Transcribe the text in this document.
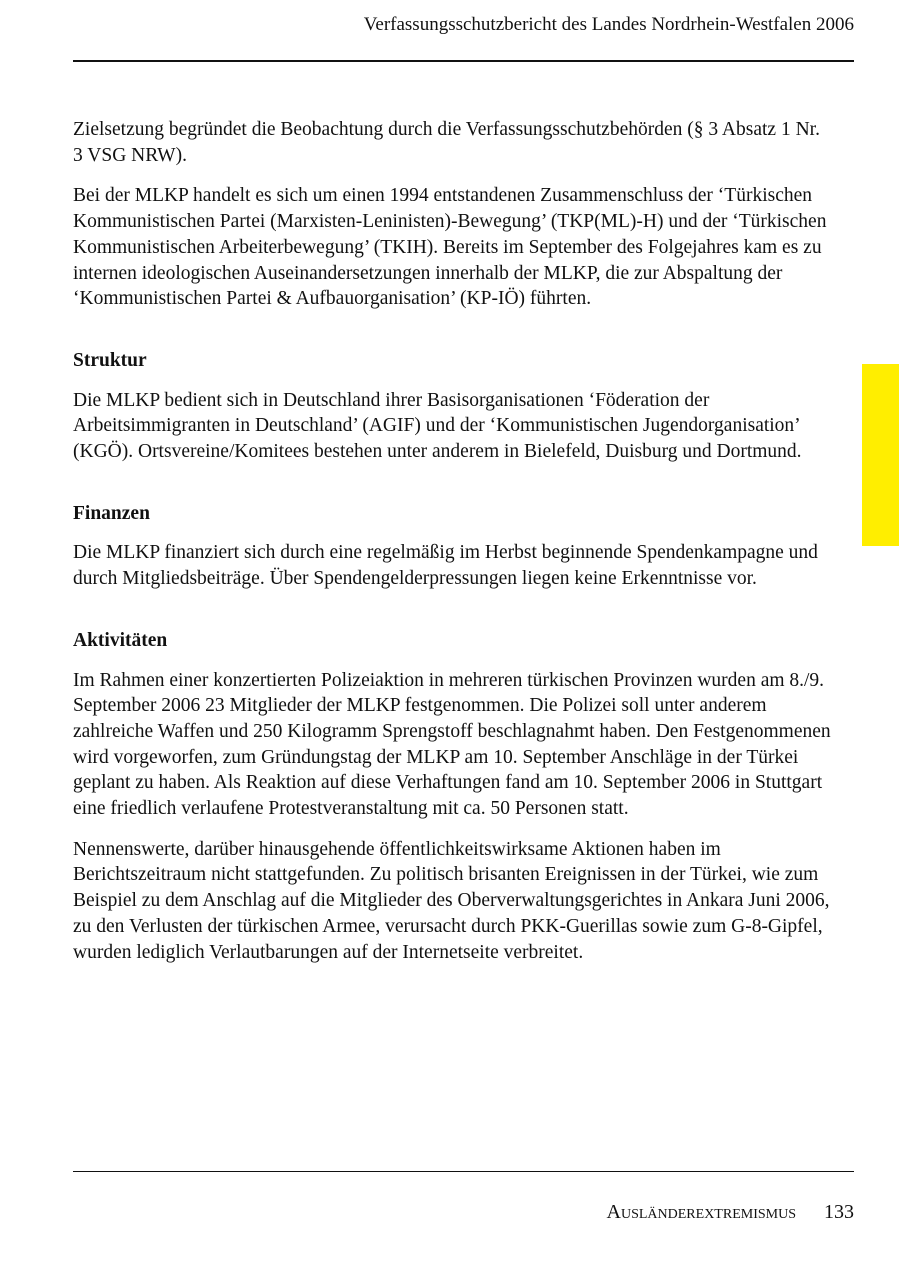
Verfassungsschutzbericht des Landes Nordrhein-Westfalen 2006

Zielsetzung begründet die Beobachtung durch die Verfassungsschutzbehörden (§ 3 Absatz 1 Nr. 3 VSG NRW).

Bei der MLKP handelt es sich um einen 1994 entstandenen Zusammenschluss der ‘Türkischen Kommunistischen Partei (Marxisten-Leninisten)-Bewegung’ (TKP(ML)-H) und der ‘Türkischen Kommunistischen Arbeiterbewegung’ (TKIH). Bereits im September des Folgejahres kam es zu internen ideologischen Auseinandersetzungen innerhalb der MLKP, die zur Abspaltung der ‘Kommunistischen Partei & Aufbauorganisation’ (KP-IÖ) führten.

Struktur

Die MLKP bedient sich in Deutschland ihrer Basisorganisationen ‘Föderation der Arbeitsimmigranten in Deutschland’ (AGIF) und der ‘Kommunistischen Jugendorganisation’ (KGÖ). Ortsvereine/Komitees bestehen unter anderem in Bielefeld, Duisburg und Dortmund.

Finanzen

Die MLKP finanziert sich durch eine regelmäßig im Herbst beginnende Spendenkampagne und durch Mitgliedsbeiträge. Über Spendengelderpressungen liegen keine Erkenntnisse vor.

Aktivitäten

Im Rahmen einer konzertierten Polizeiaktion in mehreren türkischen Provinzen wurden am 8./9. September 2006 23 Mitglieder der MLKP festgenommen. Die Polizei soll unter anderem zahlreiche Waffen und 250 Kilogramm Sprengstoff beschlagnahmt haben. Den Festgenommenen wird vorgeworfen, zum Gründungstag der MLKP am 10. September Anschläge in der Türkei geplant zu haben. Als Reaktion auf diese Verhaftungen fand am 10. September 2006 in Stuttgart eine friedlich verlaufene Protestveranstaltung mit ca. 50 Personen statt.

Nennenswerte, darüber hinausgehende öffentlichkeitswirksame Aktionen haben im Berichtszeitraum nicht stattgefunden. Zu politisch brisanten Ereignissen in der Türkei, wie zum Beispiel zu dem Anschlag auf die Mitglieder des Oberverwaltungsgerichtes in Ankara Juni 2006, zu den Verlusten der türkischen Armee, verursacht durch PKK-Guerillas sowie zum G-8-Gipfel, wurden lediglich Verlautbarungen auf der Internetseite verbreitet.

Ausländerextremismus 133
